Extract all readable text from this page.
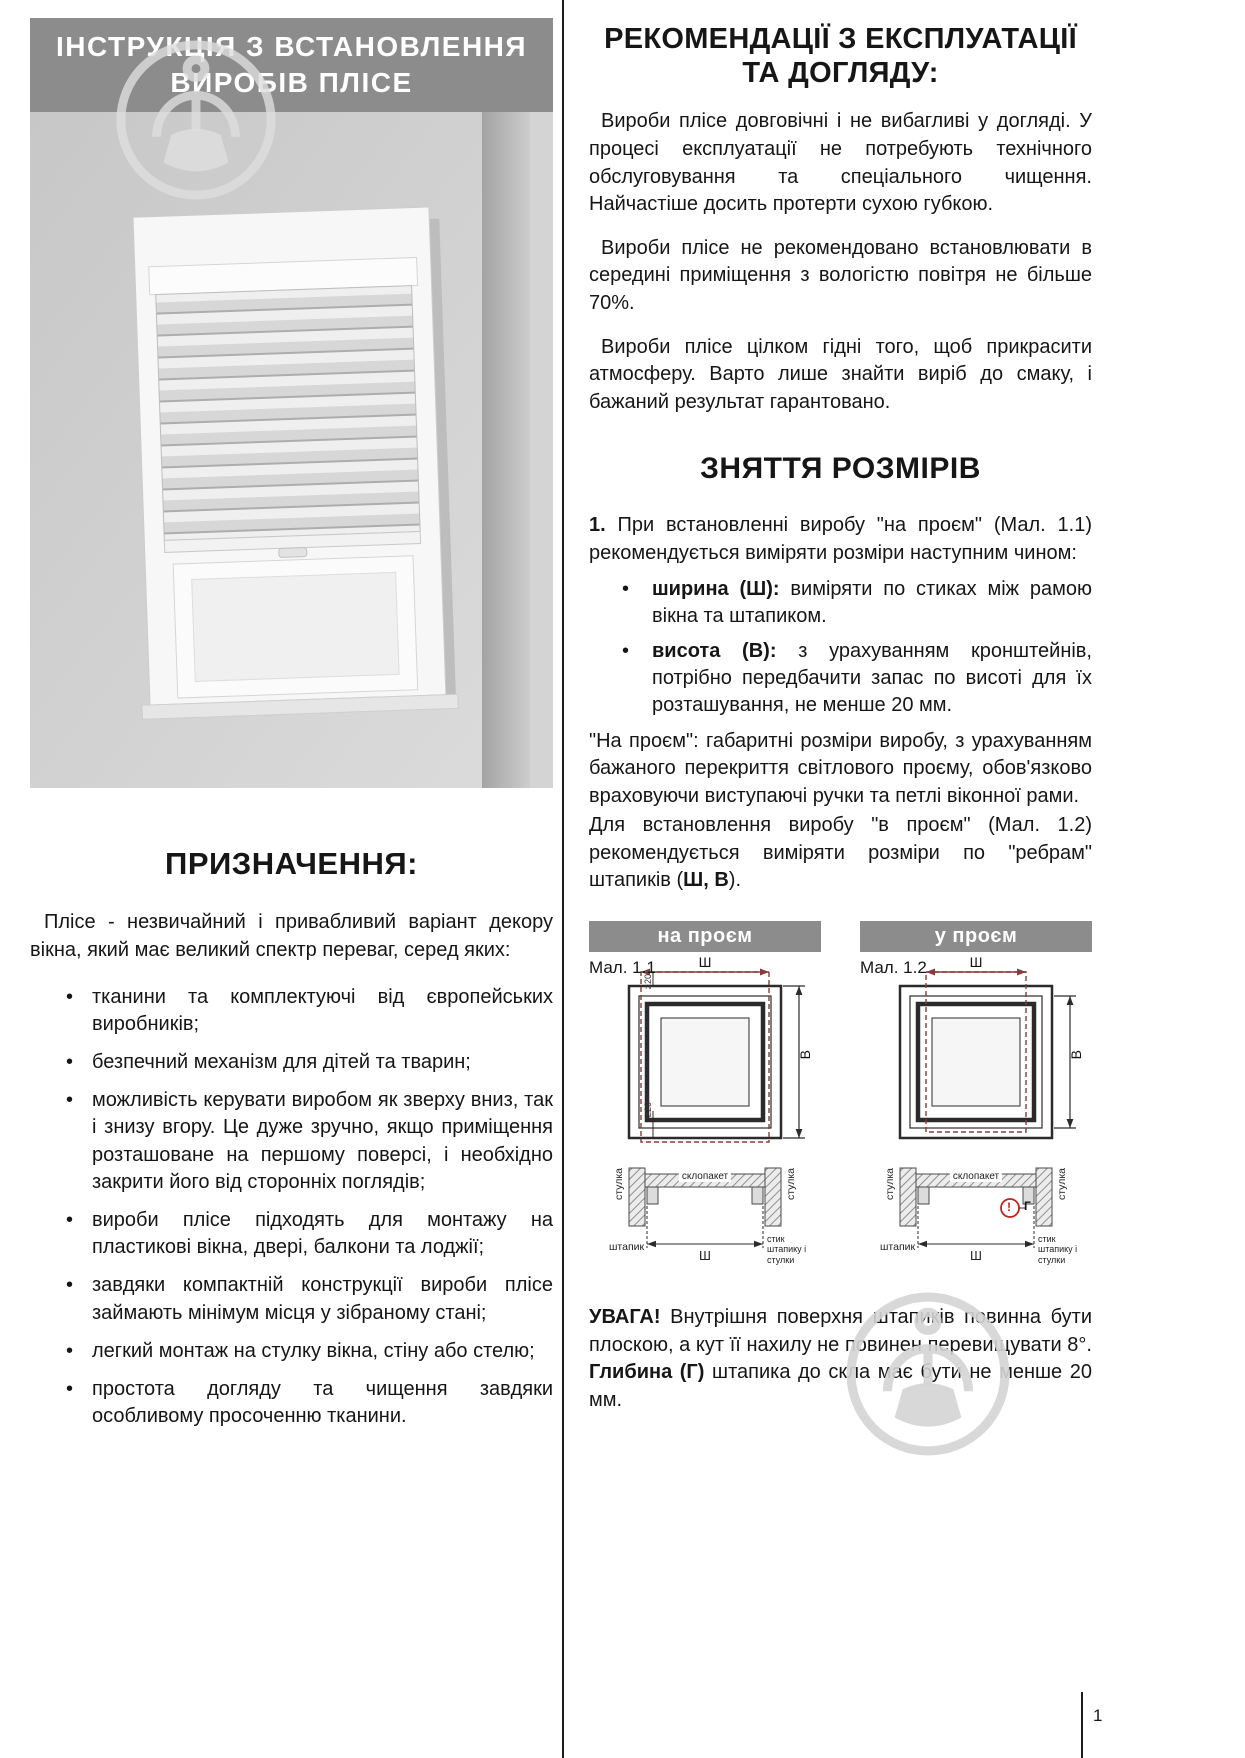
ІНСТРУКЦІЯ З ВСТАНОВЛЕННЯ
ВИРОБІВ ПЛІСЕ
ПРИЗНАЧЕННЯ:

Плісе - незвичайний і привабливий варіант декору вікна, який має великий спектр переваг, серед яких:

• тканини та комплектуючі від європейських виробників;
• безпечний механізм для дітей та тварин;
• можливість керувати виробом як зверху вниз, так і знизу вгору. Це дуже зручно, якщо приміщення розташоване на першому поверсі, і необхідно закрити його від сторонніх поглядів;
• вироби плісе підходять для монтажу на пластикові вікна, двері, балкони та лоджії;
• завдяки компактній конструкції вироби плісе займають мінімум місця у зібраному стані;
• легкий монтаж на стулку вікна, стіну або стелю;
• простота догляду та чищення завдяки особливому просоченню тканини.
РЕКОМЕНДАЦІЇ З ЕКСПЛУАТАЦІЇ
ТА ДОГЛЯДУ:

Вироби плісе довговічні і не вибагливі у догляді. У процесі експлуатації не потребують технічного обслуговування та спеціального чищення. Найчастіше досить протерти сухою губкою.

Вироби плісе не рекомендовано встановлювати в середині приміщення з вологістю повітря не більше 70%.

Вироби плісе цілком гідні того, щоб прикрасити атмосферу. Варто лише знайти виріб до смаку, і бажаний результат гарантовано.

ЗНЯТТЯ РОЗМІРІВ

1. При встановленні виробу "на проєм" (Мал. 1.1) рекомендується виміряти розміри наступним чином:

• ширина (Ш): виміряти по стиках між рамою вікна та штапиком.
• висота (В): з урахуванням кронштейнів, потрібно передбачити запас по висоті для їх розташування, не менше 20 мм.

"На проєм": габаритні розміри виробу, з урахуванням бажаного перекриття світлового проєму, обов'язково враховуючи виступаючі ручки та петлі віконної рами.

Для встановлення виробу "в проєм" (Мал. 1.2) рекомендується виміряти розміри по "ребрам" штапиків (Ш, В).

на проєм
Мал. 1.1	Ш
В
≥20
≥20
стулка	стулка
склопакет
штапик
Ш
стик штапику і стулки
у проєм
Мал. 1.2	Ш
В
стулка	стулка
склопакет
штапик
Ш
стик штапику і стулки
! Г

УВАГА! Внутрішня поверхня штапиків повинна бути плоскою, а кут її нахилу не повинен перевищувати 8°. Глибина (Г) штапика до скла має бути не менше 20 мм.

1
